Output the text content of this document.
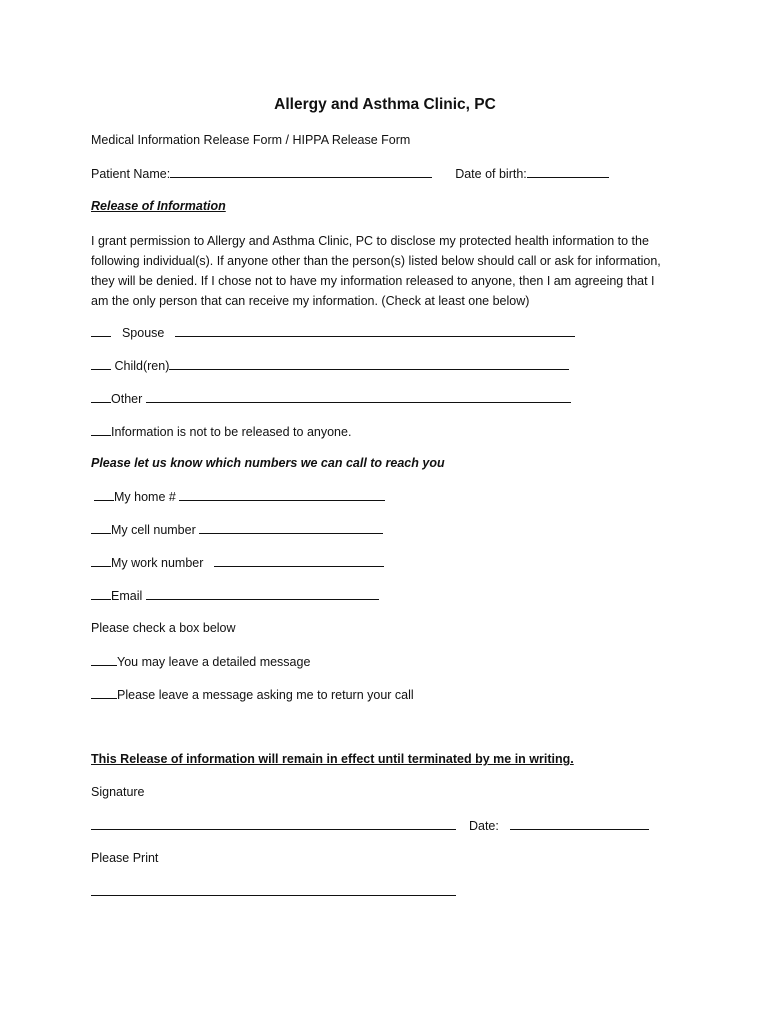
Allergy and Asthma Clinic, PC
Medical Information Release Form / HIPPA Release Form
Patient Name:	Date of birth:
Release of Information
I grant permission to Allergy and Asthma Clinic, PC to disclose my protected health information to the
following individual(s). If anyone other than the person(s) listed below should call or ask for information,
they will be denied. If I chose not to have my information released to anyone, then I am agreeing that I
am the only person that can receive my information. (Check at least one below)
Spouse
Child(ren)
Other
Information is not to be released to anyone.
Please let us know which numbers we can call to reach you
My home #
My cell number
My work number
Email
Please check a box below
You may leave a detailed message
Please leave a message asking me to return your call
This Release of information will remain in effect until terminated by me in writing.
Signature
Date:
Please Print
